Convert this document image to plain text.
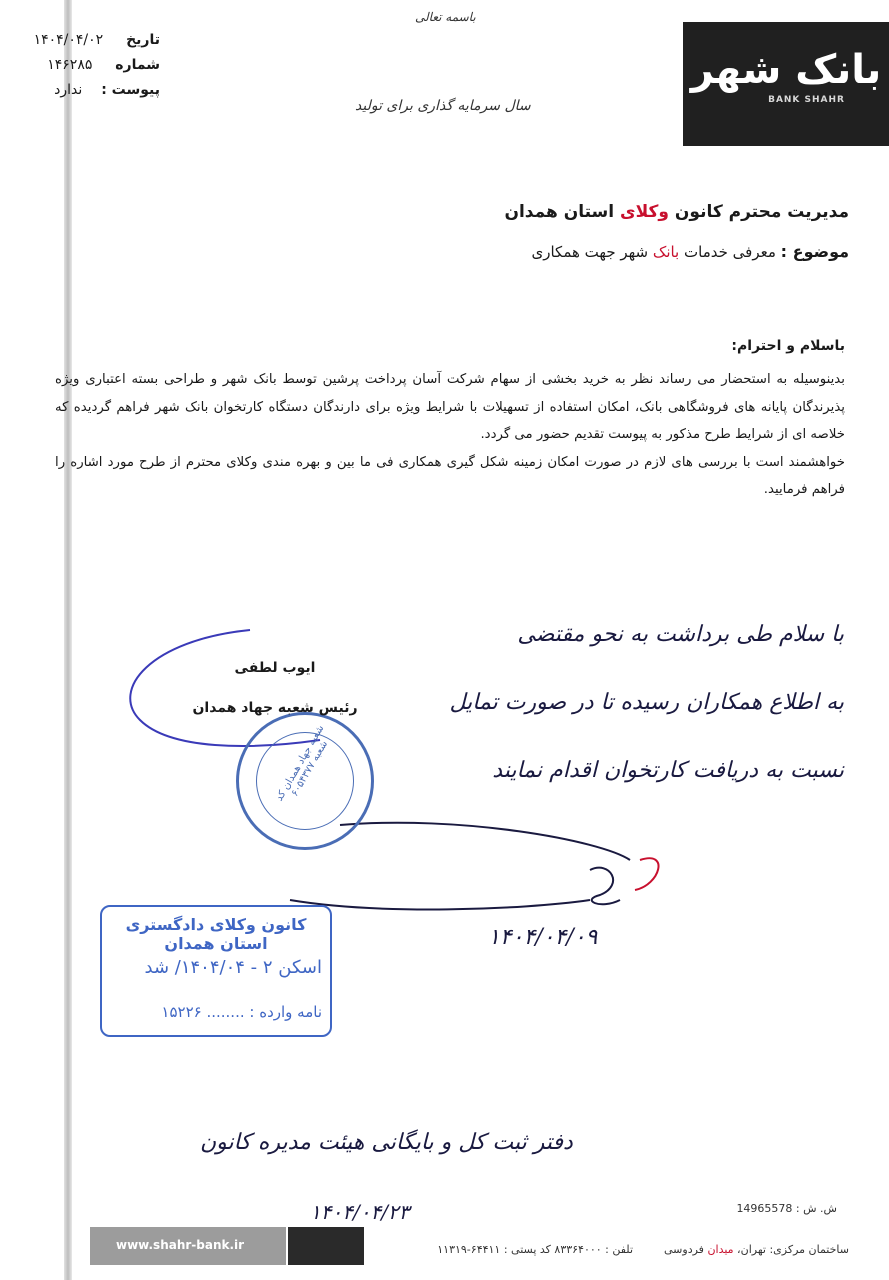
بانک شهر
BANK SHAHR
باسمه تعالی
سال سرمایه گذاری برای تولید
تاریخ  ۱۴۰۴/۰۴/۰۲
شماره  ۱۴۶۲۸۵
پیوست :  ندارد
مدیریت محترم کانون وکلای استان همدان
موضوع : معرفی خدمات بانک شهر جهت همکاری
باسلام و احترام:

بدینوسیله به استحضار می رساند نظر به خرید بخشی از سهام شرکت آسان پرداخت پرشین توسط بانک شهر و طراحی بسته اعتباری ویژه پذیرندگان پایانه های فروشگاهی بانک، امکان استفاده از تسهیلات با شرایط ویژه برای دارندگان دستگاه کارتخوان بانک شهر فراهم گردیده که خلاصه ای از شرایط طرح مذکور به پیوست تقدیم حضور می گردد.

خواهشمند است با بررسی های لازم در صورت امکان زمینه شکل گیری همکاری فی ما بین و بهره مندی وکلای محترم از طرح مورد اشاره را فراهم فرمایید.

با سلام طی برداشت به نحو مقتضی
به اطلاع همکاران رسیده تا در صورت تمایل
نسبت به دریافت کارتخوان اقدام نمایند
۱۴۰۴/۰۴/۰۹
شعبه جهاد همدان کد شعبه ۶۰۵۴۳۷۷
ایوب لطفی
رئیس شعبه جهاد همدان
کانون وکلای دادگستری استان همدان
اسکن ۲ - ۱۴۰۴/۰۴/ شد
نامه وارده : ........ ۱۵۲۲۶
دفتر ثبت کل و بایگانی هیئت مدیره کانون
۱۴۰۴/۰۴/۲۳	ش. ش : 14965578
www.shahr-bank.ir	ساختمان مرکزی: تهران، میدان فردوسی  تلفن : ۸۳۳۶۴۰۰۰ کد پستی : ۶۴۴۱۱-۱۱۳۱۹
